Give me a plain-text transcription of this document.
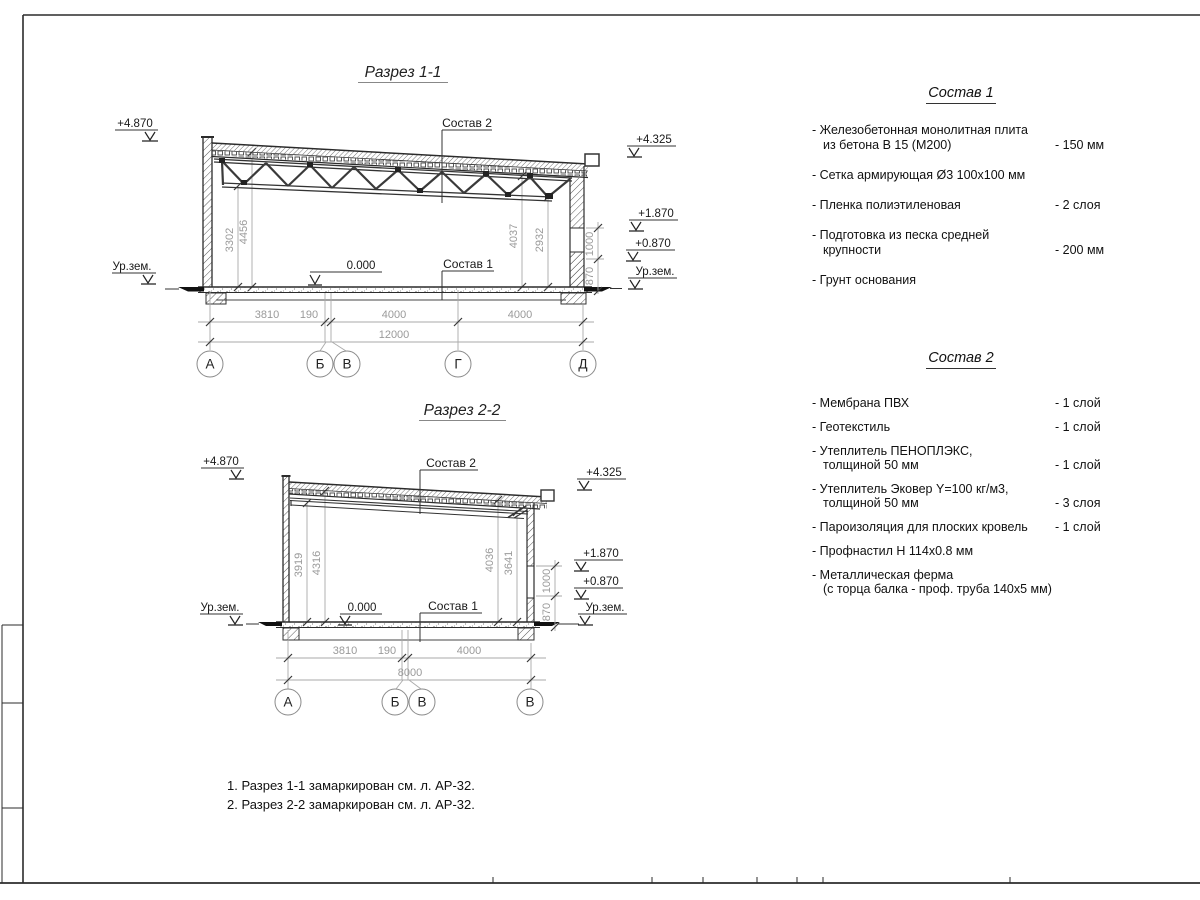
Разрез 1-1
3302 4456	4037 2932	1000
870
3810 190	4000	4000
12000
А	Б В	Г	Д
+4.870
Ур.зем.
+4.325
+1.870
+0.870
Ур.зем.
0.000
Состав 2
Состав 1
Разрез 2-2
3919 4316	4036 3641
1000
870
3810 190	4000
8000
А	Б В	В
+4.870
Ур.зем.
+4.325
+1.870
+0.870
Ур.зем.
0.000
Состав 2
Состав 1
Состав 1
- Железобетонная монолитная плита
из бетона В 15 (М200)	- 150 мм
- Сетка армирующая Ø3 100х100 мм
- Пленка полиэтиленовая	- 2 слоя
- Подготовка из песка средней
крупности	- 200 мм
- Грунт основания
Состав 2
- Мембрана ПВХ	- 1 слой
- Геотекстиль	- 1 слой
- Утеплитель ПЕНОПЛЭКС,
толщиной 50 мм	- 1 слой
- Утеплитель Эковер Y=100 кг/м3,
толщиной 50 мм	- 3 слоя
- Пароизоляция для плоских кровель	- 1 слой
- Профнастил Н 114х0.8 мм
- Металлическая ферма
(с торца балка - проф. труба 140х5 мм)
1. Разрез 1-1 замаркирован см. л. АР-32.
2. Разрез 2-2 замаркирован см. л. АР-32.
